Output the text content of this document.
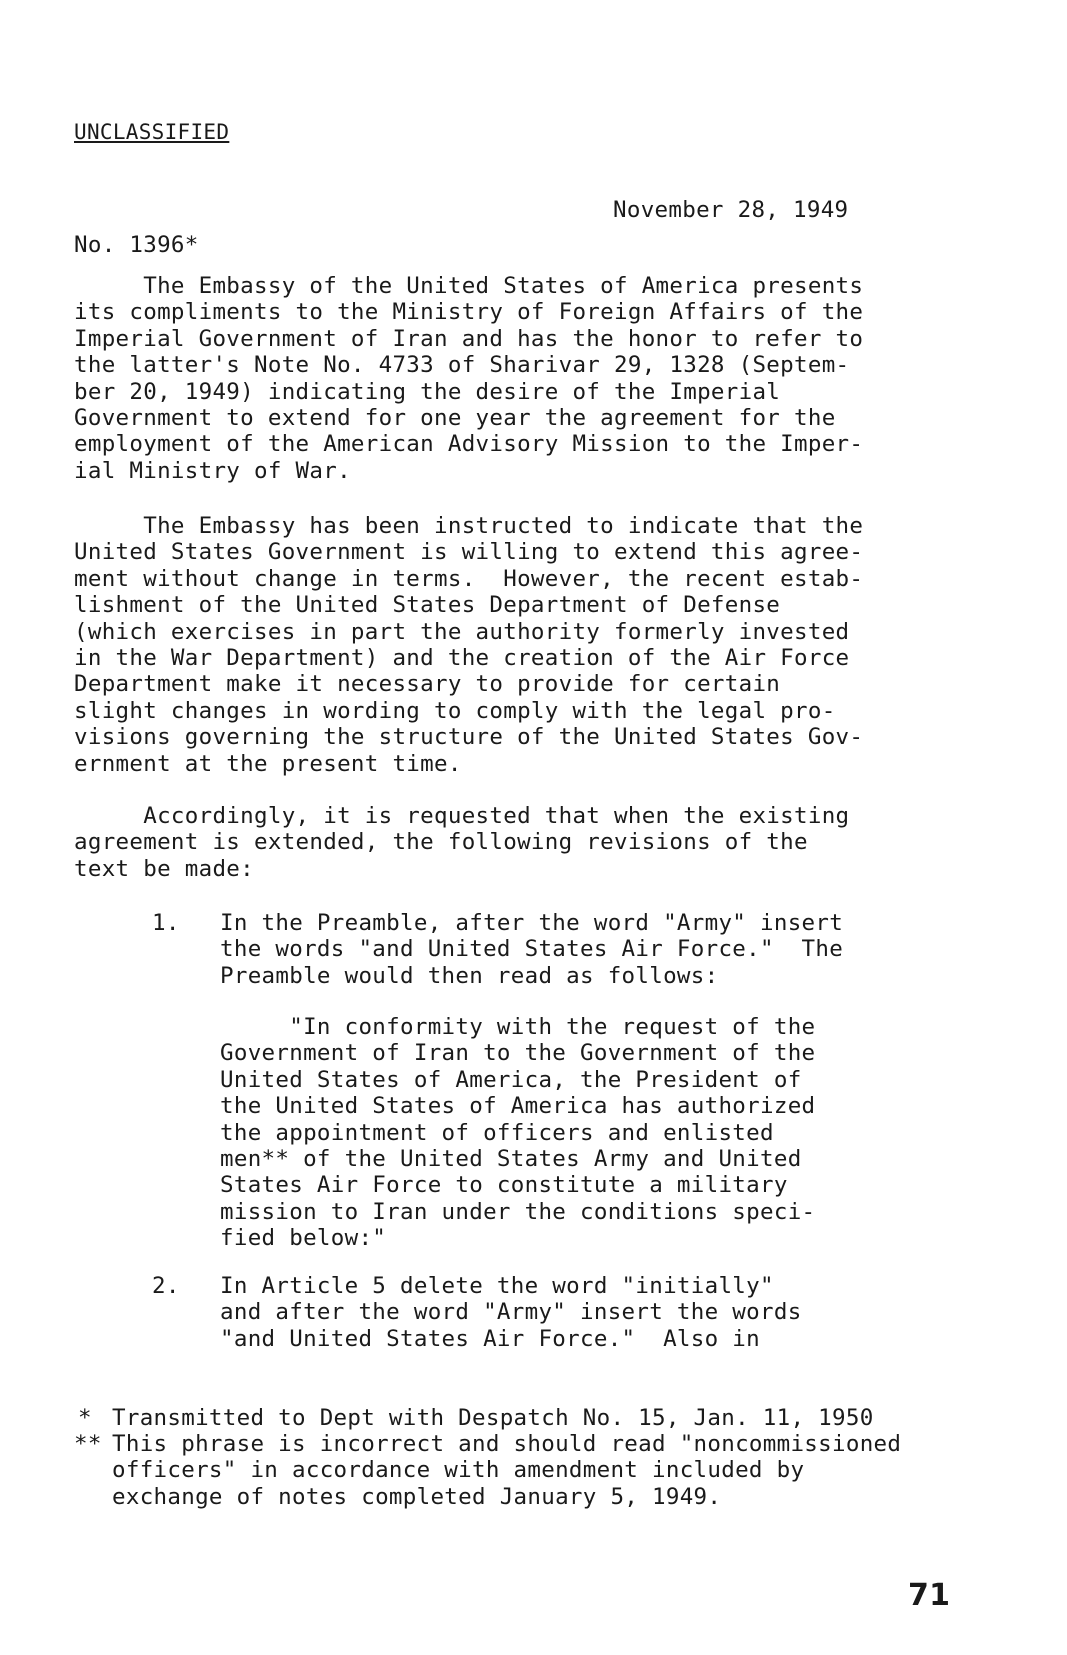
UNCLASSIFIED
November 28, 1949
No. 1396*
The Embassy of the United States of America presents
its compliments to the Ministry of Foreign Affairs of the
Imperial Government of Iran and has the honor to refer to
the latter's Note No. 4733 of Sharivar 29, 1328 (Septem-
ber 20, 1949) indicating the desire of the Imperial
Government to extend for one year the agreement for the
employment of the American Advisory Mission to the Imper-
ial Ministry of War.
The Embassy has been instructed to indicate that the
United States Government is willing to extend this agree-
ment without change in terms.  However, the recent estab-
lishment of the United States Department of Defense
(which exercises in part the authority formerly invested
in the War Department) and the creation of the Air Force
Department make it necessary to provide for certain
slight changes in wording to comply with the legal pro-
visions governing the structure of the United States Gov-
ernment at the present time.
Accordingly, it is requested that when the existing
agreement is extended, the following revisions of the
text be made:
1. In the Preamble, after the word "Army" insert
the words "and United States Air Force."  The
Preamble would then read as follows:
"In conformity with the request of the
Government of Iran to the Government of the
United States of America, the President of
the United States of America has authorized
the appointment of officers and enlisted
men** of the United States Army and United
States Air Force to constitute a military
mission to Iran under the conditions speci-
fied below:"
2. In Article 5 delete the word "initially"
and after the word "Army" insert the words
"and United States Air Force."  Also in
* Transmitted to Dept with Despatch No. 15, Jan. 11, 1950
** This phrase is incorrect and should read "noncommissioned
officers" in accordance with amendment included by
exchange of notes completed January 5, 1949.
71
